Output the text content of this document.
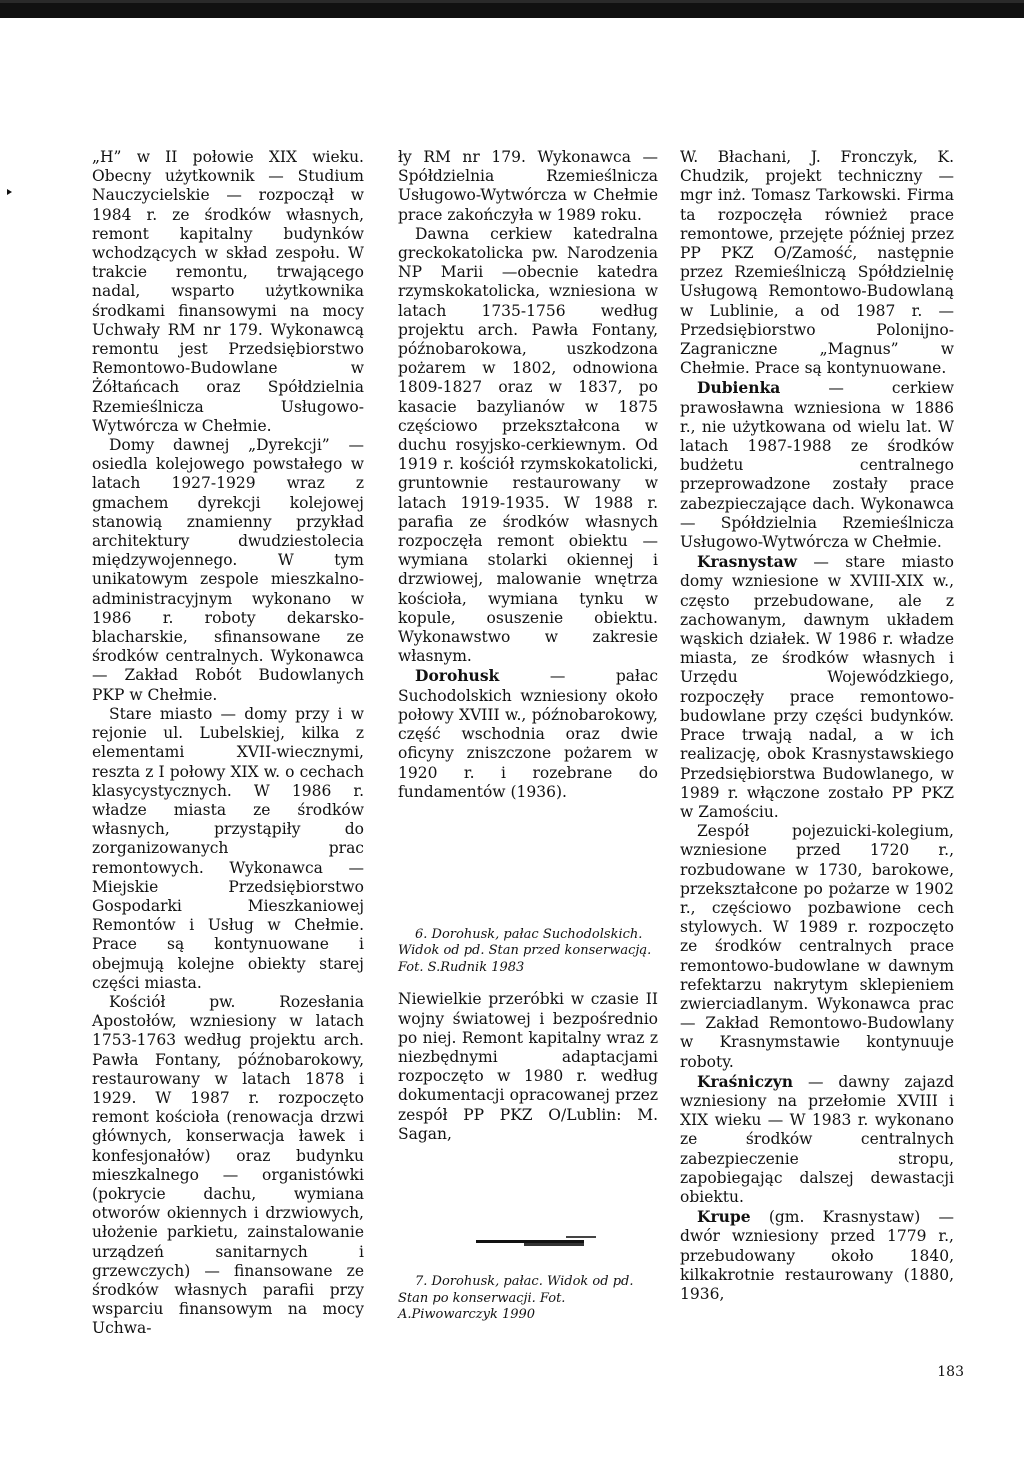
„H” w II połowie XIX wieku. Obecny użytkownik — Studium Nauczycielskie — rozpoczął w 1984 r. ze środków własnych, remont kapitalny budynków wchodzących w skład zespołu. W trakcie remontu, trwającego nadal, wsparto użytkownika środkami finansowymi na mocy Uchwały RM nr 179. Wykonawcą remontu jest Przedsiębiorstwo Remontowo-Budowlane w Żółtańcach oraz Spółdzielnia Rzemieślnicza Usługowo-Wytwórcza w Chełmie.

Domy dawnej „Dyrekcji” — osiedla kolejowego powstałego w latach 1927-1929 wraz z gmachem dyrekcji kolejowej stanowią znamienny przykład architektury dwudziestolecia międzywojennego. W tym unikatowym zespole mieszkalno-administracyjnym wykonano w 1986 r. roboty dekarsko-blacharskie, sfinansowane ze środków centralnych. Wykonawca — Zakład Robót Budowlanych PKP w Chełmie.

Stare miasto — domy przy i w rejonie ul. Lubelskiej, kilka z elementami XVII-wiecznymi, reszta z I połowy XIX w. o cechach klasycystycznych. W 1986 r. władze miasta ze środków własnych, przystąpiły do zorganizowanych prac remontowych. Wykonawca — Miejskie Przedsiębiorstwo Gospodarki Mieszkaniowej Remontów i Usług w Chełmie. Prace są kontynuowane i obejmują kolejne obiekty starej części miasta.

Kościół pw. Rozesłania Apostołów, wzniesiony w latach 1753-1763 według projektu arch. Pawła Fontany, późnobarokowy, restaurowany w latach 1878 i 1929. W 1987 r. rozpoczęto remont kościoła (renowacja drzwi głównych, konserwacja ławek i konfesjonałów) oraz budynku mieszkalnego — organistówki (pokrycie dachu, wymiana otworów okiennych i drzwiowych, ułożenie parkietu, zainstalowanie urządzeń sanitarnych i grzewczych) — finansowane ze środków własnych parafii przy wsparciu finansowym na mocy Uchwa-

ły RM nr 179. Wykonawca — Spółdzielnia Rzemieślnicza Usługowo-Wytwórcza w Chełmie prace zakończyła w 1989 roku.

Dawna cerkiew katedralna greckokatolicka pw. Narodzenia NP Marii —obecnie katedra rzymskokatolicka, wzniesiona w latach 1735-1756 według projektu arch. Pawła Fontany, późnobarokowa, uszkodzona pożarem w 1802, odnowiona 1809-1827 oraz w 1837, po kasacie bazylianów w 1875 częściowo przekształcona w duchu rosyjsko-cerkiewnym. Od 1919 r. kościół rzymskokatolicki, gruntownie restaurowany w latach 1919-1935. W 1988 r. parafia ze środków własnych rozpoczęła remont obiektu — wymiana stolarki okiennej i drzwiowej, malowanie wnętrza kościoła, wymiana tynku w kopule, osuszenie obiektu. Wykonawstwo w zakresie własnym.

Dorohusk — pałac Suchodolskich wzniesiony około połowy XVIII w., późnobarokowy, część wschodnia oraz dwie oficyny zniszczone pożarem w 1920 r. i rozebrane do fundamentów (1936).

6. Dorohusk, pałac Suchodolskich. Widok od pd. Stan przed konserwacją. Fot. S.Rudnik 1983

Niewielkie przeróbki w czasie II wojny światowej i bezpośrednio po niej. Remont kapitalny wraz z niezbędnymi adaptacjami rozpoczęto w 1980 r. według dokumentacji opracowanej przez zespół PP PKZ O/Lublin: M. Sagan,

7. Dorohusk, pałac. Widok od pd. Stan po konserwacji. Fot. A.Piwowarczyk 1990

W. Błachani, J. Fronczyk, K. Chudzik, projekt techniczny — mgr inż. Tomasz Tarkowski. Firma ta rozpoczęła również prace remontowe, przejęte później przez PP PKZ O/Zamość, następnie przez Rzemieślniczą Spółdzielnię Usługową Remontowo-Budowlaną w Lublinie, a od 1987 r. —Przedsiębiorstwo Polonijno-Zagraniczne „Magnus” w Chełmie. Prace są kontynuowane.

Dubienka — cerkiew prawosławna wzniesiona w 1886 r., nie użytkowana od wielu lat. W latach 1987-1988 ze środków budżetu centralnego przeprowadzone zostały prace zabezpieczające dach. Wykonawca — Spółdzielnia Rzemieślnicza Usługowo-Wytwórcza w Chełmie.

Krasnystaw — stare miasto domy wzniesione w XVIII-XIX w., często przebudowane, ale z zachowanym, dawnym układem wąskich działek. W 1986 r. władze miasta, ze środków własnych i Urzędu Wojewódzkiego, rozpoczęły prace remontowo-budowlane przy części budynków. Prace trwają nadal, a w ich realizację, obok Krasnystawskiego Przedsiębiorstwa Budowlanego, w 1989 r. włączone zostało PP PKZ w Zamościu.

Zespół pojezuicki-kolegium, wzniesione przed 1720 r., rozbudowane w 1730, barokowe, przekształcone po pożarze w 1902 r., częściowo pozbawione cech stylowych. W 1989 r. rozpoczęto ze środków centralnych prace remontowo-budowlane w dawnym refektarzu nakrytym sklepieniem zwierciadlanym. Wykonawca prac — Zakład Remontowo-Budowlany w Krasnymstawie kontynuuje roboty.

Kraśniczyn — dawny zajazd wzniesiony na przełomie XVIII i XIX wieku — W 1983 r. wykonano ze środków centralnych zabezpieczenie stropu, zapobiegając dalszej dewastacji obiektu.

Krupe (gm. Krasnystaw) — dwór wzniesiony przed 1779 r., przebudowany około 1840, kilkakrotnie restaurowany (1880, 1936,

183
